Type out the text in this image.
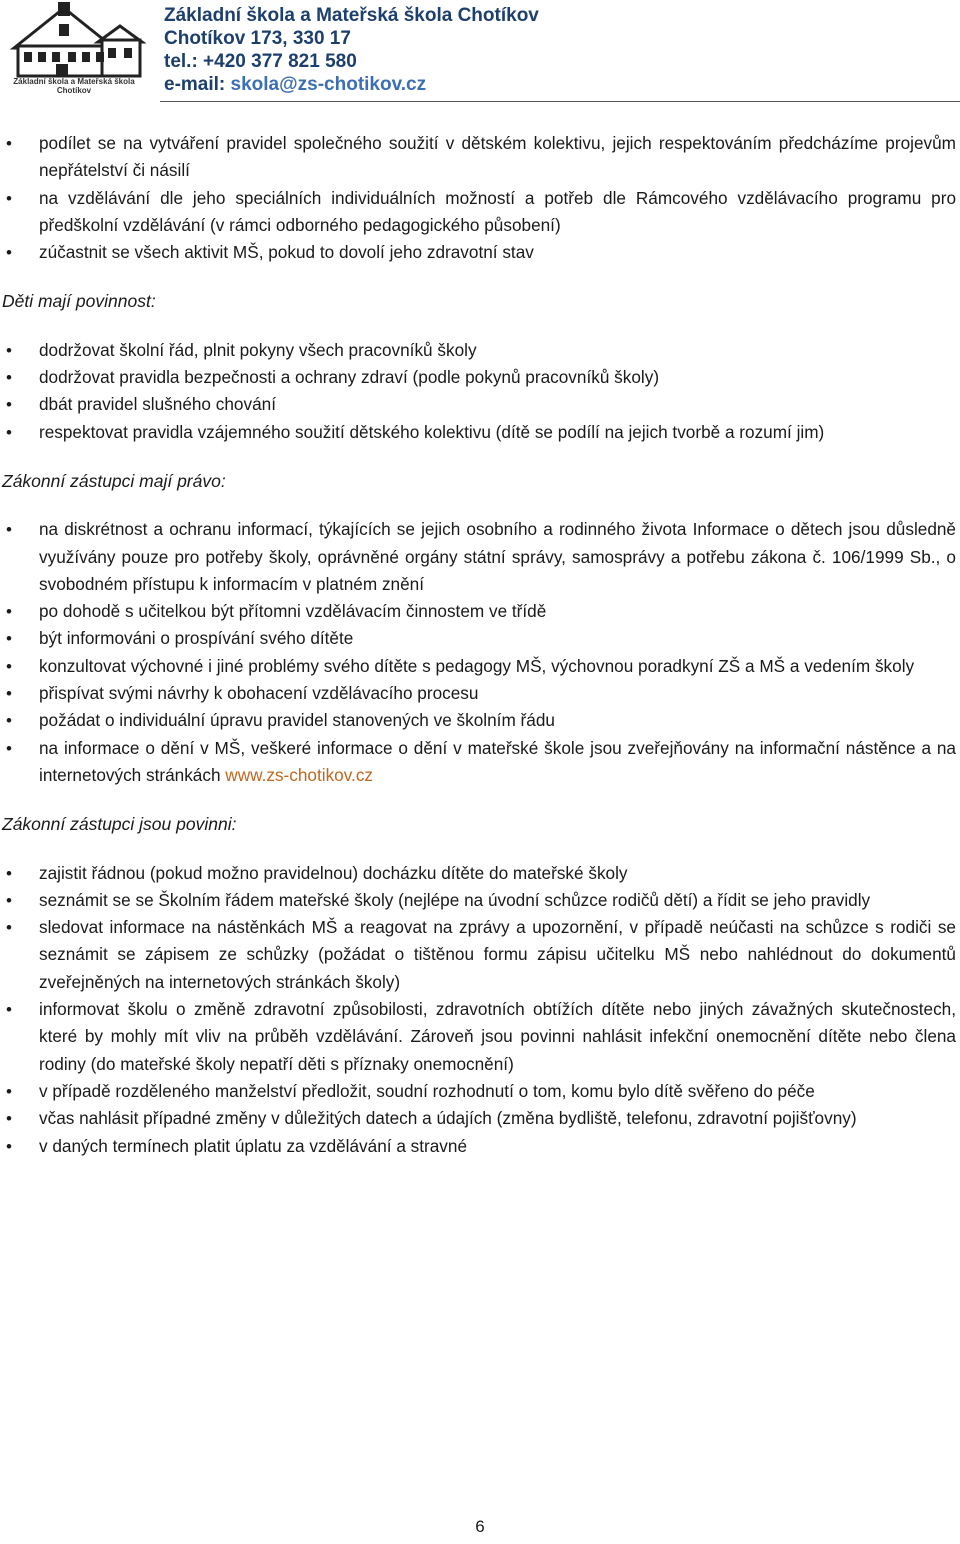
Základní škola a Mateřská škola Chotíkov
Základní škola a Mateřská škola Chotíkov
Chotíkov 173, 330 17
tel.: +420 377 821 580
e-mail: skola@zs-chotikov.cz
• podílet se na vytváření pravidel společného soužití v dětském kolektivu, jejich respektováním předcházíme projevům nepřátelství či násilí
• na vzdělávání dle jeho speciálních individuálních možností a potřeb dle Rámcového vzdělávacího programu pro předškolní vzdělávání (v rámci odborného pedagogického působení)
• zúčastnit se všech aktivit MŠ, pokud to dovolí jeho zdravotní stav
Děti mají povinnost:
• dodržovat školní řád, plnit pokyny všech pracovníků školy
• dodržovat pravidla bezpečnosti a ochrany zdraví (podle pokynů pracovníků školy)
• dbát pravidel slušného chování
• respektovat pravidla vzájemného soužití dětského kolektivu (dítě se podílí na jejich tvorbě a rozumí jim)
Zákonní zástupci mají právo:
• na diskrétnost a ochranu informací, týkajících se jejich osobního a rodinného života Informace o dětech jsou důsledně využívány pouze pro potřeby školy, oprávněné orgány státní správy, samosprávy a potřebu zákona č. 106/1999 Sb., o svobodném přístupu k informacím v platném znění
• po dohodě s učitelkou být přítomni vzdělávacím činnostem ve třídě
• být informováni o prospívání svého dítěte
• konzultovat výchovné i jiné problémy svého dítěte s pedagogy MŠ, výchovnou poradkyní ZŠ a MŠ a vedením školy
• přispívat svými návrhy k obohacení vzdělávacího procesu
• požádat o individuální úpravu pravidel stanovených ve školním řádu
• na informace o dění v MŠ, veškeré informace o dění v mateřské škole jsou zveřejňovány na informační nástěnce a na internetových stránkách www.zs-chotikov.cz
Zákonní zástupci jsou povinni:
• zajistit řádnou (pokud možno pravidelnou) docházku dítěte do mateřské školy
• seznámit se se Školním řádem mateřské školy (nejlépe na úvodní schůzce rodičů dětí) a řídit se jeho pravidly
• sledovat informace na nástěnkách MŠ a reagovat na zprávy a upozornění, v případě neúčasti na schůzce s rodiči se seznámit se zápisem ze schůzky (požádat o tištěnou formu zápisu učitelku MŠ nebo nahlédnout do dokumentů zveřejněných na internetových stránkách školy)
• informovat školu o změně zdravotní způsobilosti, zdravotních obtížích dítěte nebo jiných závažných skutečnostech, které by mohly mít vliv na průběh vzdělávání. Zároveň jsou povinni nahlásit infekční onemocnění dítěte nebo člena rodiny (do mateřské školy nepatří děti s příznaky onemocnění)
• v případě rozděleného manželství předložit, soudní rozhodnutí o tom, komu bylo dítě svěřeno do péče
• včas nahlásit případné změny v důležitých datech a údajích (změna bydliště, telefonu, zdravotní pojišťovny)
• v daných termínech platit úplatu za vzdělávání a stravné
6
